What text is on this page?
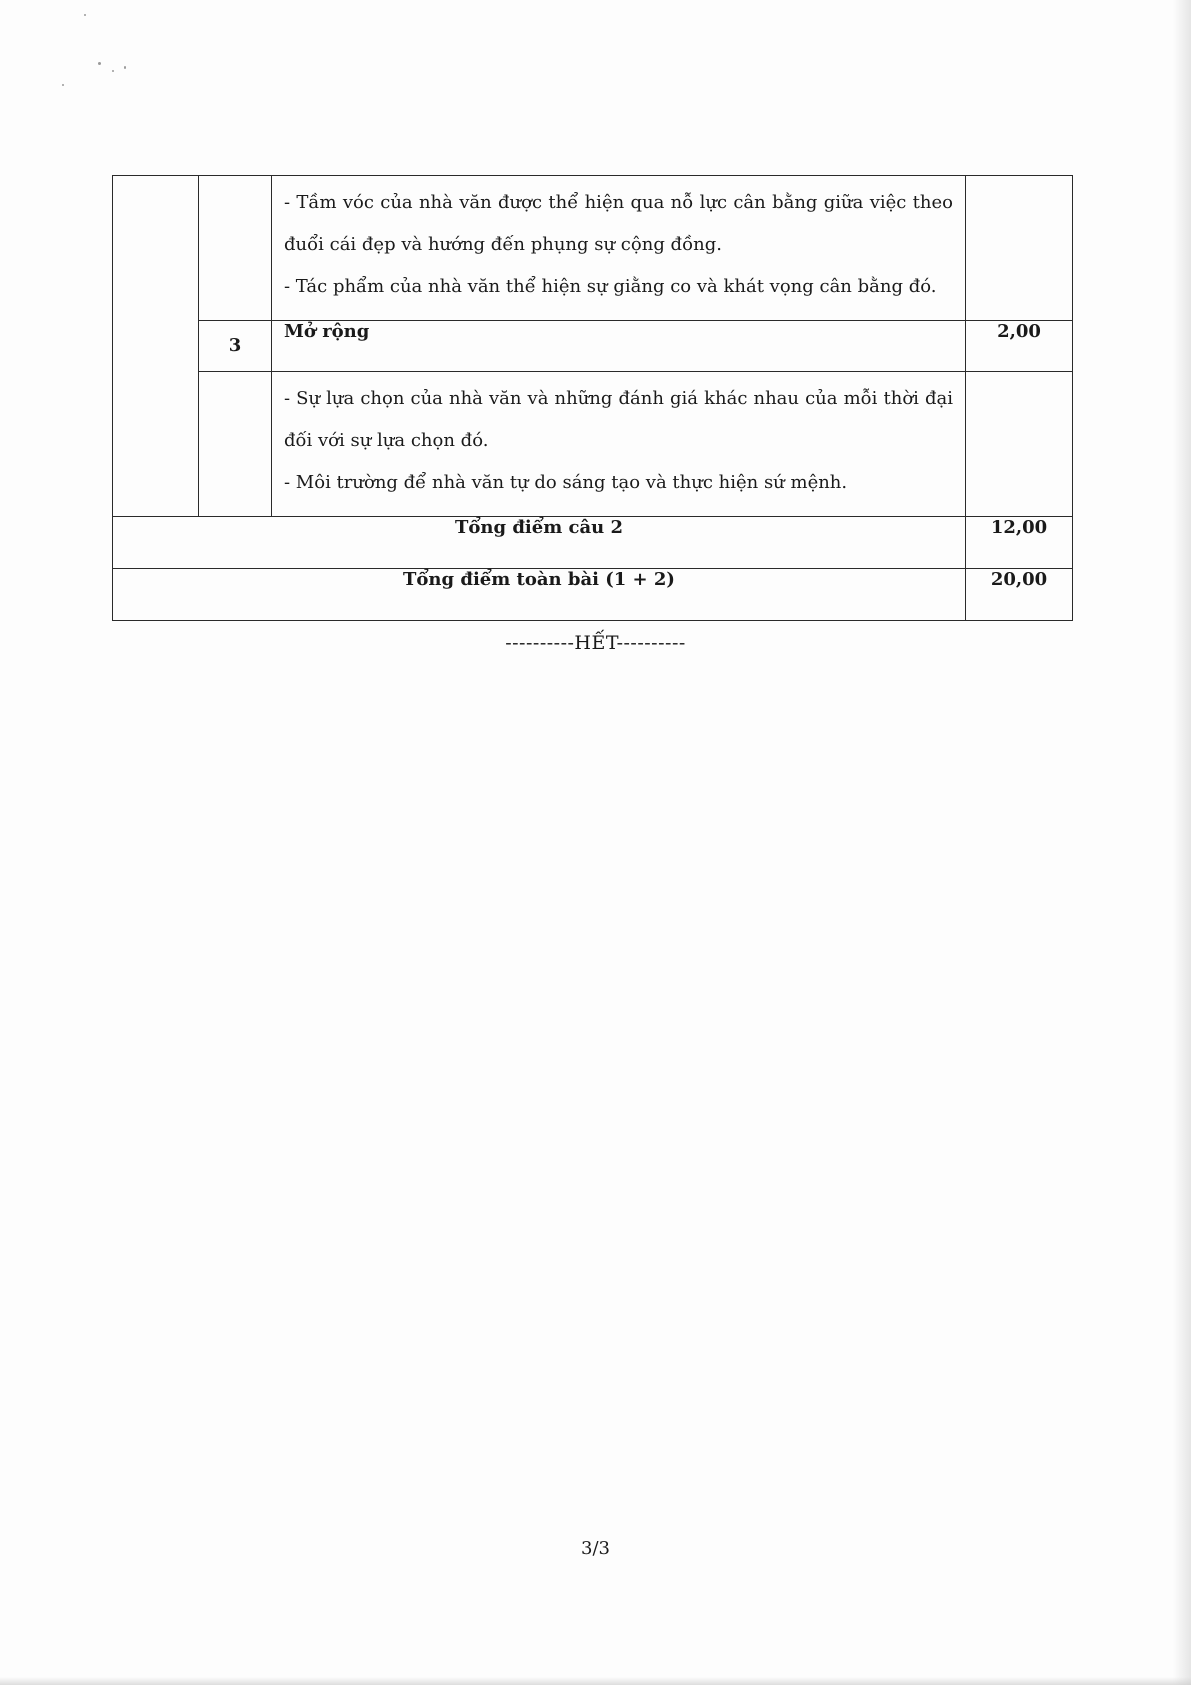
		- Tầm vóc của nhà văn được thể hiện qua nỗ lực cân bằng giữa việc theo đuổi cái đẹp và hướng đến phụng sự cộng đồng.

- Tác phẩm của nhà văn thể hiện sự giằng co và khát vọng cân bằng đó.	

	3	Mở rộng	2,00

		- Sự lựa chọn của nhà văn và những đánh giá khác nhau của mỗi thời đại đối với sự lựa chọn đó.

- Môi trường để nhà văn tự do sáng tạo và thực hiện sứ mệnh.	

Tổng điểm câu 2			12,00
Tổng điểm toàn bài (1 + 2)			20,00
----------HẾT----------
3/3
